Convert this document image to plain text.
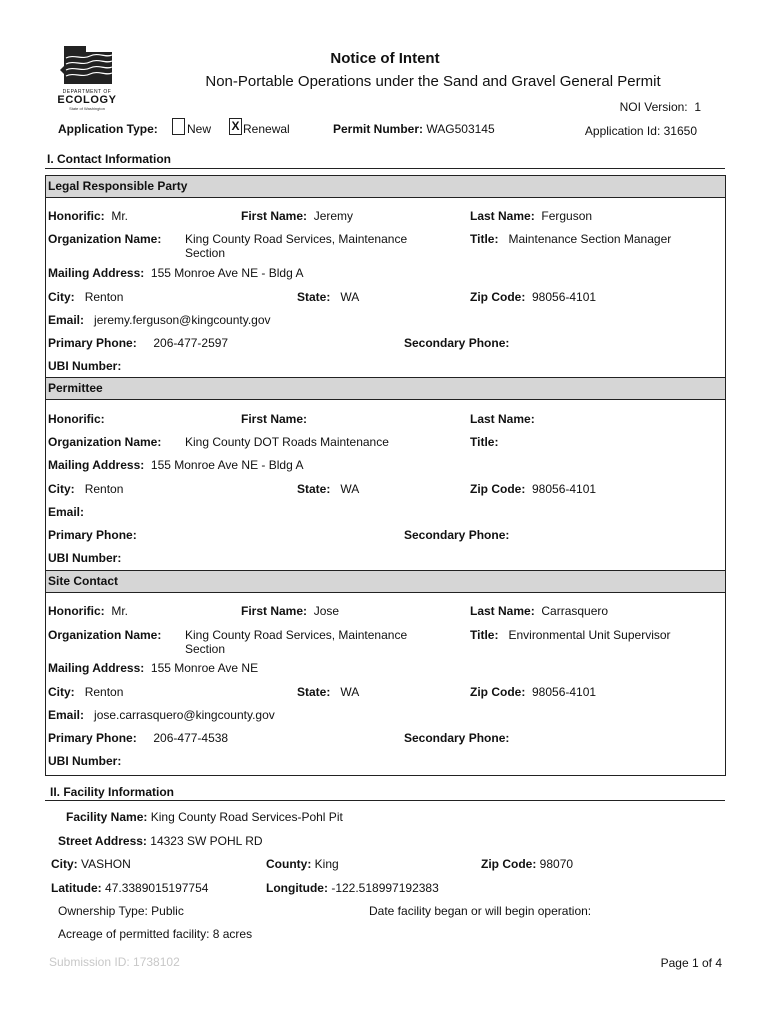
DEPARTMENT OF
ECOLOGY
State of Washington
Notice of Intent
Non-Portable Operations under the Sand and Gravel General Permit
NOI Version: 1
Application Type: New X Renewal	Permit Number: WAG503145	Application Id: 31650
I. Contact Information
Legal Responsible Party
Honorific: Mr.	First Name: Jeremy	Last Name: Ferguson
Organization Name: King County Road Services, Maintenance
Section
Title: Maintenance Section Manager
Mailing Address: 155 Monroe Ave NE - Bldg A
City: Renton	State: WA	Zip Code: 98056-4101
Email: jeremy.ferguson@kingcounty.gov
Primary Phone: 206-477-2597	Secondary Phone:
UBI Number:
Permittee
Honorific:	First Name:	Last Name:
Organization Name: King County DOT Roads Maintenance	Title:
Mailing Address: 155 Monroe Ave NE - Bldg A
City: Renton	State: WA	Zip Code: 98056-4101
Email:
Primary Phone:	Secondary Phone:
UBI Number:
Site Contact
Honorific: Mr.	First Name: Jose	Last Name: Carrasquero
Organization Name: King County Road Services, Maintenance
Section
Title: Environmental Unit Supervisor
Mailing Address: 155 Monroe Ave NE
City: Renton	State: WA	Zip Code: 98056-4101
Email: jose.carrasquero@kingcounty.gov
Primary Phone: 206-477-4538	Secondary Phone:
UBI Number:
II. Facility Information
Facility Name: King County Road Services-Pohl Pit
Street Address: 14323 SW POHL RD
City: VASHON	County: King	Zip Code: 98070
Latitude: 47.3389015197754	Longitude: -122.518997192383
Ownership Type: Public	Date facility began or will begin operation:
Acreage of permitted facility: 8 acres
Submission ID: 1738102	Page 1 of 4
